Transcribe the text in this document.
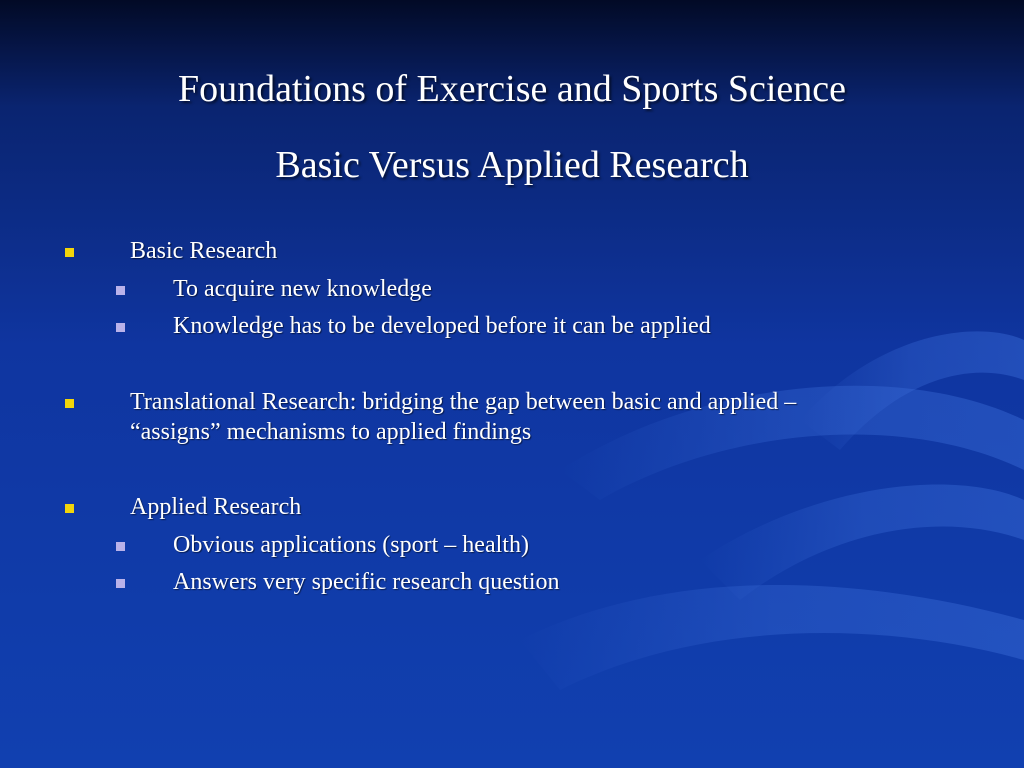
Foundations of Exercise and Sports Science
Basic Versus Applied Research
Basic Research
To acquire new knowledge
Knowledge has to be developed before it can be applied
Translational Research: bridging the gap between basic and applied –
“assigns” mechanisms to applied findings
Applied Research
Obvious applications (sport – health)
Answers very specific research question
